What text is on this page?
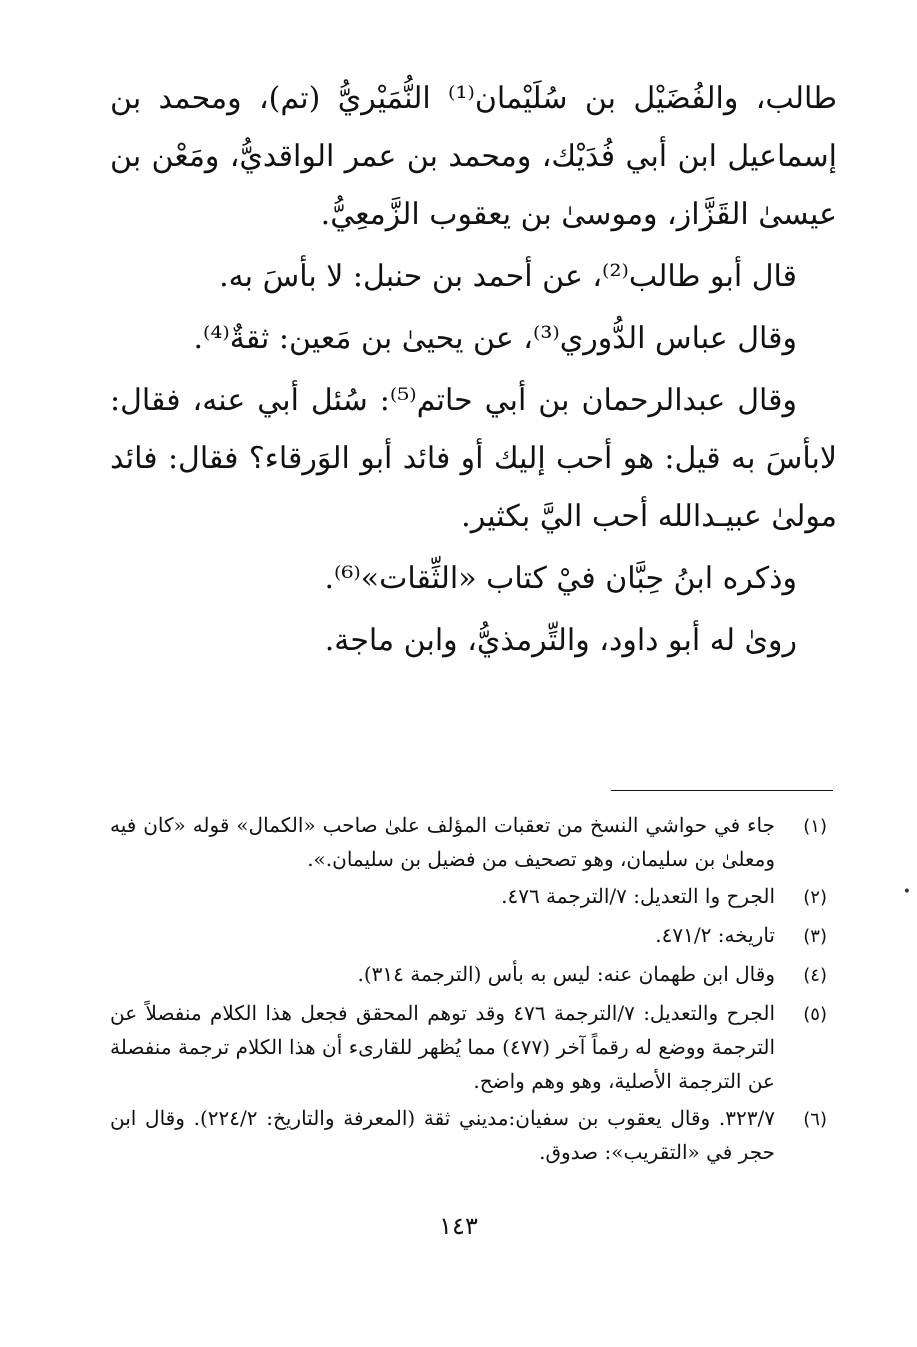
طالب، والفُضَيْل بن سُلَيْمان⁽¹⁾ النُّمَيْريُّ (تم)، ومحمد بن إسماعيل ابن أبي فُدَيْك، ومحمد بن عمر الواقديُّ، ومَعْن بن عيسىٰ القَزَّاز، وموسىٰ بن يعقوب الزَّمعِيُّ.

قال أبو طالب⁽²⁾، عن أحمد بن حنبل: لا بأسَ به.

وقال عباس الدُّوري⁽³⁾، عن يحيىٰ بن مَعين: ثقةٌ⁽⁴⁾.

وقال عبدالرحمان بن أبي حاتم⁽⁵⁾: سُئل أبي عنه، فقال: لابأسَ به قيل: هو أحب إليك أو فائد أبو الوَرقاء؟ فقال: فائد مولىٰ عبيـدالله أحب اليَّ بكثير.

وذكره ابنُ حِبَّان فيْ كتاب «الثِّقات»⁽⁶⁾.

روىٰ له أبو داود، والتِّرمذيُّ، وابن ماجة.

(١)
جاء في حواشي النسخ من تعقبات المؤلف علىٰ صاحب «الكمال» قوله «كان فيه ومعلىٰ بن سليمان، وهو تصحيف من فضيل بن سليمان.».
(٢)
الجرح وا التعديل: ٧/الترجمة ٤٧٦.
(٣)
تاريخه: ٤٧١/٢.
(٤)
وقال ابن طهمان عنه: ليس به بأس (الترجمة ٣١٤).
(٥)
الجرح والتعديل: ٧/الترجمة ٤٧٦ وقد توهم المحقق فجعل هذا الكلام منفصلاً عن الترجمة ووضع له رقماً آخر (٤٧٧) مما يُظهر للقارىء أن هذا الكلام ترجمة منفصلة عن الترجمة الأصلية، وهو وهم واضح.
(٦)
٣٢٣/٧. وقال يعقوب بن سفيان:مديني ثقة (المعرفة والتاريخ: ٢٢٤/٢). وقال ابن حجر في «التقريب»: صدوق.
١٤٣
•
